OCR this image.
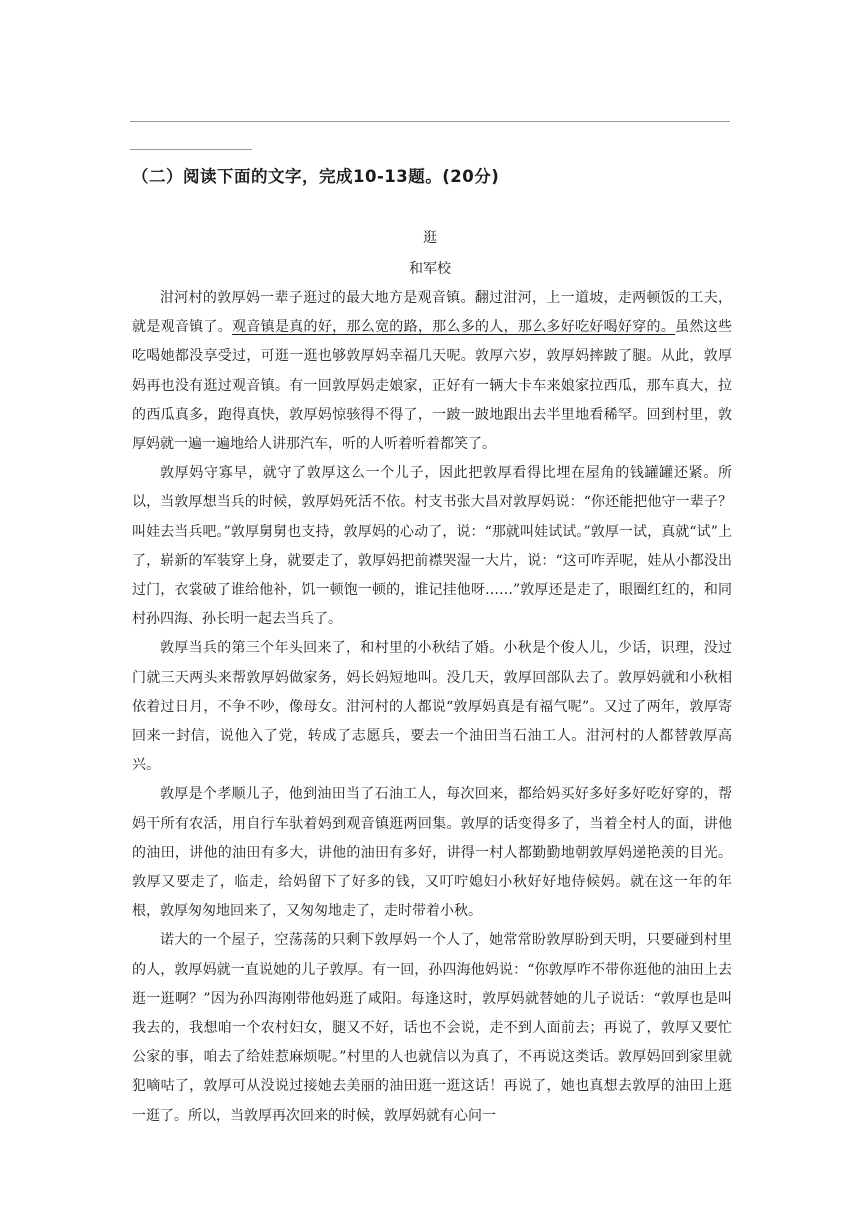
（二）阅读下面的文字，完成10-13题。(20分)
逛
和军校

泔河村的敦厚妈一辈子逛过的最大地方是观音镇。翻过泔河，上一道坡，走两顿饭的工夫，就是观音镇了。观音镇是真的好，那么宽的路，那么多的人，那么多好吃好喝好穿的。虽然这些吃喝她都没享受过，可逛一逛也够敦厚妈幸福几天呢。敦厚六岁，敦厚妈摔跛了腿。从此，敦厚妈再也没有逛过观音镇。有一回敦厚妈走娘家，正好有一辆大卡车来娘家拉西瓜，那车真大，拉的西瓜真多，跑得真快，敦厚妈惊骇得不得了，一跛一跛地跟出去半里地看稀罕。回到村里，敦厚妈就一遍一遍地给人讲那汽车，听的人听着听着都笑了。

敦厚妈守寡早，就守了敦厚这么一个儿子，因此把敦厚看得比埋在屋角的钱罐罐还紧。所以，当敦厚想当兵的时候，敦厚妈死活不依。村支书张大昌对敦厚妈说：“你还能把他守一辈子？叫娃去当兵吧。”敦厚舅舅也支持，敦厚妈的心动了，说：“那就叫娃试试。”敦厚一试，真就“试”上了，崭新的军装穿上身，就要走了，敦厚妈把前襟哭湿一大片，说：“这可咋弄呢，娃从小都没出过门，衣裳破了谁给他补，饥一顿饱一顿的，谁记挂他呀……”敦厚还是走了，眼圈红红的，和同村孙四海、孙长明一起去当兵了。

敦厚当兵的第三个年头回来了，和村里的小秋结了婚。小秋是个俊人儿，少话，识理，没过门就三天两头来帮敦厚妈做家务，妈长妈短地叫。没几天，敦厚回部队去了。敦厚妈就和小秋相依着过日月，不争不吵，像母女。泔河村的人都说“敦厚妈真是有福气呢”。又过了两年，敦厚寄回来一封信，说他入了党，转成了志愿兵，要去一个油田当石油工人。泔河村的人都替敦厚高兴。

敦厚是个孝顺儿子，他到油田当了石油工人，每次回来，都给妈买好多好多好吃好穿的，帮妈干所有农活，用自行车驮着妈到观音镇逛两回集。敦厚的话变得多了，当着全村人的面，讲他的油田，讲他的油田有多大，讲他的油田有多好，讲得一村人都勤勤地朝敦厚妈递艳羡的目光。敦厚又要走了，临走，给妈留下了好多的钱，又叮咛媳妇小秋好好地侍候妈。就在这一年的年根，敦厚匆匆地回来了，又匆匆地走了，走时带着小秋。

诺大的一个屋子，空荡荡的只剩下敦厚妈一个人了，她常常盼敦厚盼到天明，只要碰到村里的人，敦厚妈就一直说她的儿子敦厚。有一回，孙四海他妈说：“你敦厚咋不带你逛他的油田上去逛一逛啊？”因为孙四海刚带他妈逛了咸阳。每逢这时，敦厚妈就替她的儿子说话：“敦厚也是叫我去的，我想咱一个农村妇女，腿又不好，话也不会说，走不到人面前去；再说了，敦厚又要忙公家的事，咱去了给娃惹麻烦呢。”村里的人也就信以为真了，不再说这类话。敦厚妈回到家里就犯嘀咕了，敦厚可从没说过接她去美丽的油田逛一逛这话！再说了，她也真想去敦厚的油田上逛一逛了。所以，当敦厚再次回来的时候，敦厚妈就有心问一
